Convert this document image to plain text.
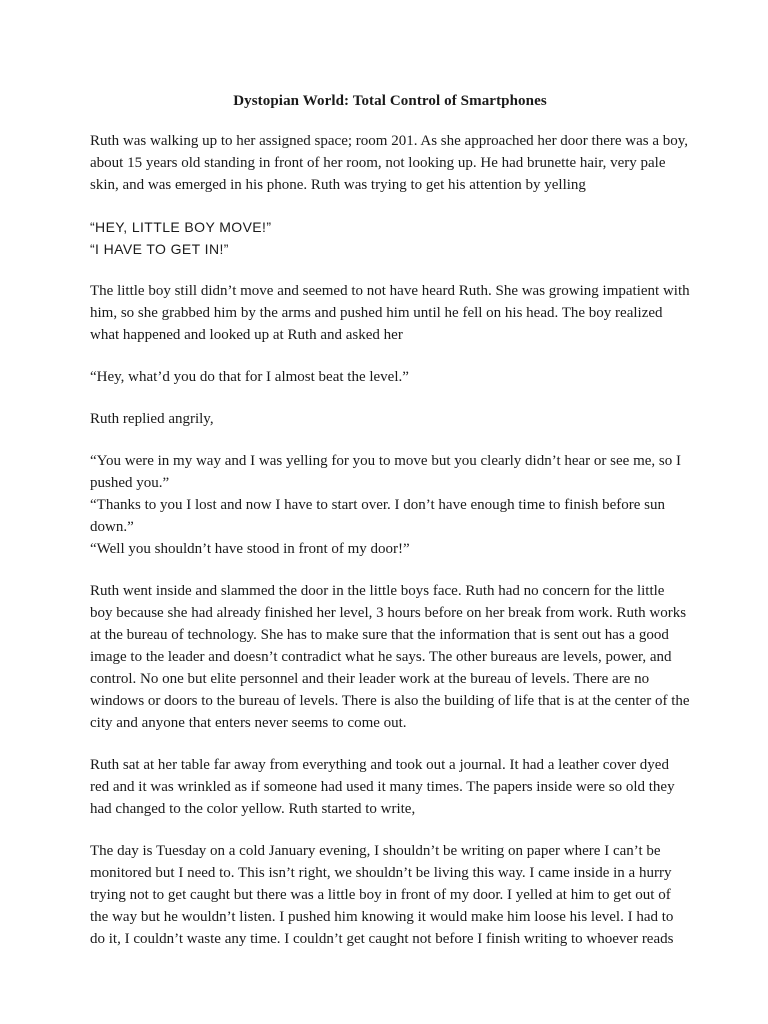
Dystopian World: Total Control of Smartphones

Ruth was walking up to her assigned space; room 201. As she approached her door there was a boy, about 15 years old standing in front of her room, not looking up. He had brunette hair, very pale skin, and was emerged in his phone. Ruth was trying to get his attention by yelling

“HEY, LITTLE BOY MOVE!”

“I HAVE TO GET IN!”

The little boy still didn’t move and seemed to not have heard Ruth. She was growing impatient with him, so she grabbed him by the arms and pushed him until he fell on his head. The boy realized what happened and looked up at Ruth and asked her

“Hey, what’d you do that for I almost beat the level.”

Ruth replied angrily,

“You were in my way and I was yelling for you to move but you clearly didn’t hear or see me, so I pushed you.”

“Thanks to you I lost and now I have to start over. I don’t have enough time to finish before sun down.”

“Well you shouldn’t have stood in front of my door!”

Ruth went inside and slammed the door in the little boys face. Ruth had no concern for the little boy because she had already finished her level, 3 hours before on her break from work. Ruth works at the bureau of technology. She has to make sure that the information that is sent out has a good image to the leader and doesn’t contradict what he says. The other bureaus are levels, power, and control. No one but elite personnel and their leader work at the bureau of levels. There are no windows or doors to the bureau of levels. There is also the building of life that is at the center of the city and anyone that enters never seems to come out.

Ruth sat at her table far away from everything and took out a journal. It had a leather cover dyed red and it was wrinkled as if someone had used it many times. The papers inside were so old they had changed to the color yellow. Ruth started to write,

The day is Tuesday on a cold January evening, I shouldn’t be writing on paper where I can’t be monitored but I need to. This isn’t right, we shouldn’t be living this way. I came inside in a hurry trying not to get caught but there was a little boy in front of my door. I yelled at him to get out of the way but he wouldn’t listen. I pushed him knowing it would make him loose his level. I had to do it, I couldn’t waste any time. I couldn’t get caught not before I finish writing to whoever reads
